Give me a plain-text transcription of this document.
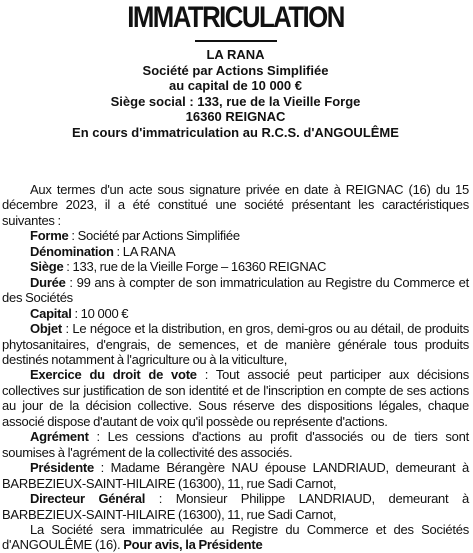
IMMATRICULATION
LA RANA
Société par Actions Simplifiée
au capital de 10 000 €
Siège social : 133, rue de la Vieille Forge
16360 REIGNAC
En cours d'immatriculation au R.C.S. d'ANGOULÊME

Aux termes d'un acte sous signature privée en date à REIGNAC (16) du 15 décembre 2023, il a été constitué une société présentant les caractéristiques suivantes :

Forme : Société par Actions Simplifiée

Dénomination : LA RANA

Siège : 133, rue de la Vieille Forge – 16360 REIGNAC

Durée : 99 ans à compter de son immatriculation au Registre du Commerce et des Sociétés

Capital : 10 000 €

Objet : Le négoce et la distribution, en gros, demi-gros ou au détail, de produits phytosanitaires, d'engrais, de semences, et de manière générale tous produits destinés notamment à l'agriculture ou à la viticulture,

Exercice du droit de vote : Tout associé peut participer aux décisions collectives sur justification de son identité et de l'inscription en compte de ses actions au jour de la décision collective. Sous réserve des dispositions légales, chaque associé dispose d'autant de voix qu'il possède ou représente d'actions.

Agrément : Les cessions d'actions au profit d'associés ou de tiers sont soumises à l'agrément de la collectivité des associés.

Présidente : Madame Bérangère NAU épouse LANDRIAUD, demeurant à BARBEZIEUX-SAINT-HILAIRE (16300), 11, rue Sadi Carnot,

Directeur Général : Monsieur Philippe LANDRIAUD, demeurant à BARBEZIEUX-SAINT-HILAIRE (16300), 11, rue Sadi Carnot,

La Société sera immatriculée au Registre du Commerce et des Sociétés d'ANGOULÊME (16). Pour avis, la Présidente
